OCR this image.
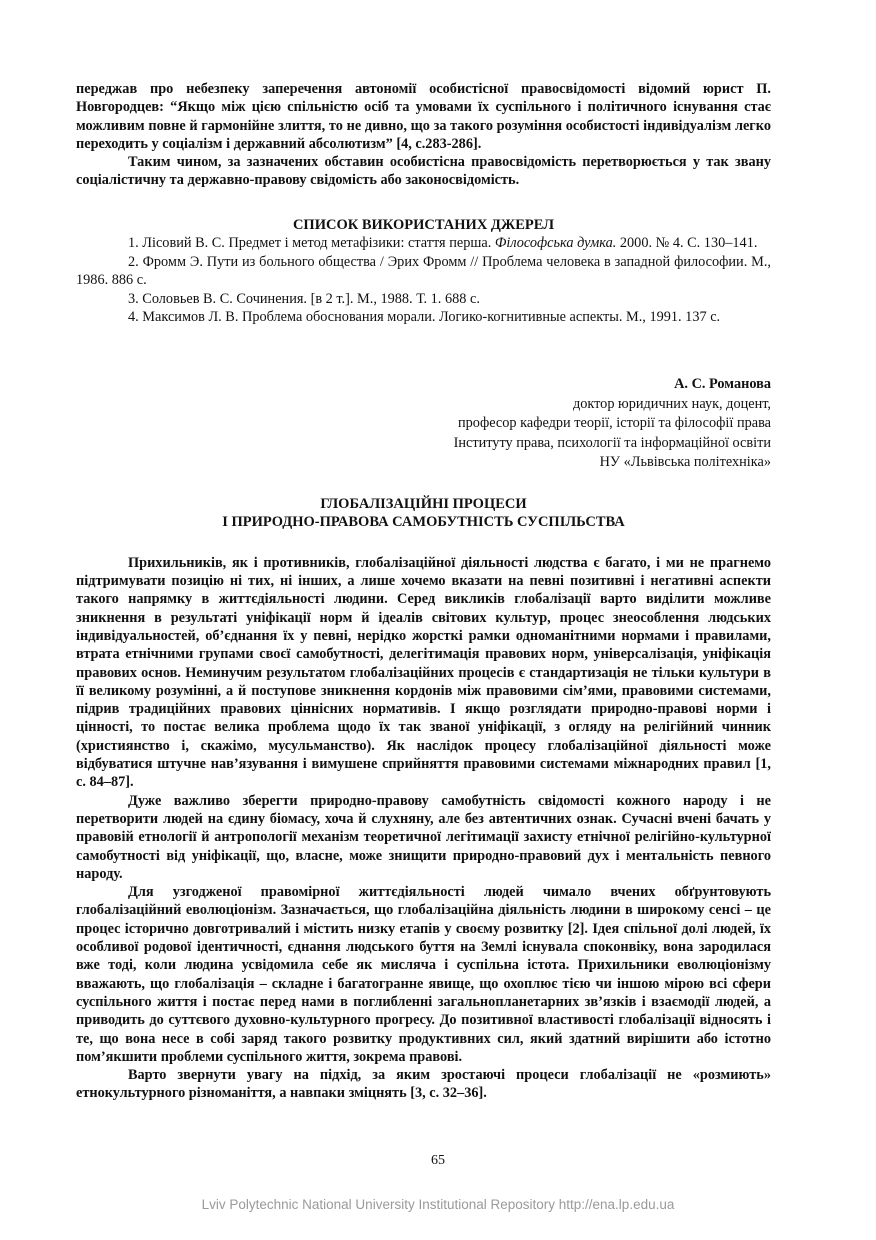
переджав про небезпеку заперечення автономії особистісної правосвідомості відомий юрист П. Новгородцев: “Якщо між цією спільністю осіб та умовами їх суспільного і політичного існування стає можливим повне й гармонійне злиття, то не дивно, що за такого розуміння особистості індивідуалізм легко переходить у соціалізм і державний абсолютизм” [4, с.283-286].

Таким чином, за зазначених обставин особистісна правосвідомість перетворюється у так звану соціалістичну та державно-правову свідомість або законосвідомість.

СПИСОК ВИКОРИСТАНИХ ДЖЕРЕЛ

1. Лісовий В. С. Предмет і метод метафізики: стаття перша. Філософська думка. 2000. № 4. С. 130–141.

2. Фромм Э. Пути из больного общества / Эрих Фромм // Проблема человека в западной философии. М., 1986. 886 с.

3. Соловьев В. С. Сочинения. [в 2 т.]. М., 1988. Т. 1. 688 с.

4. Максимов Л. В. Проблема обоснования морали. Логико-когнитивные аспекты. М., 1991. 137 с.

А. С. Романова
доктор юридичних наук, доцент,
професор кафедри теорії, історії та філософії права
Інституту права, психології та інформаційної освіти
НУ «Львівська політехніка»
ГЛОБАЛІЗАЦІЙНІ ПРОЦЕСИ
І ПРИРОДНО-ПРАВОВА САМОБУТНІСТЬ СУСПІЛЬСТВА

Прихильників, як і противників, глобалізаційної діяльності людства є багато, і ми не прагнемо підтримувати позицію ні тих, ні інших, а лише хочемо вказати на певні позитивні і негативні аспекти такого напрямку в життєдіяльності людини. Серед викликів глобалізації варто виділити можливе зникнення в результаті уніфікації норм й ідеалів світових культур, процес знеособлення людських індивідуальностей, об’єднання їх у певні, нерідко жорсткі рамки одноманітними нормами і правилами, втрата етнічними групами своєї самобутності, делегітимація правових норм, універсалізація, уніфікація правових основ. Неминучим результатом глобалізаційних процесів є стандартизація не тільки культури в її великому розумінні, а й поступове зникнення кордонів між правовими сім’ями, правовими системами, підрив традиційних правових ціннісних нормативів. І якщо розглядати природно-правові норми і цінності, то постає велика проблема щодо їх так званої уніфікації, з огляду на релігійний чинник (християнство і, скажімо, мусульманство). Як наслідок процесу глобалізаційної діяльності може відбуватися штучне нав’язування і вимушене сприйняття правовими системами міжнародних правил [1, с. 84–87].

Дуже важливо зберегти природно-правову самобутність свідомості кожного народу і не перетворити людей на єдину біомасу, хоча й слухняну, але без автентичних ознак. Сучасні вчені бачать у правовій етнології й антропології механізм теоретичної легітимації захисту етнічної релігійно-культурної самобутності від уніфікації, що, власне, може знищити природно-правовий дух і ментальність певного народу.

Для узгодженої правомірної життєдіяльності людей чимало вчених обґрунтовують глобалізаційний еволюціонізм. Зазначається, що глобалізаційна діяльність людини в широкому сенсі – це процес історично довготривалий і містить низку етапів у своєму розвитку [2]. Ідея спільної долі людей, їх особливої родової ідентичності, єднання людського буття на Землі існувала споконвіку, вона зародилася вже тоді, коли людина усвідомила себе як мисляча і суспільна істота. Прихильники еволюціонізму вважають, що глобалізація – складне і багатогранне явище, що охоплює тією чи іншою мірою всі сфери суспільного життя і постає перед нами в поглибленні загальнопланетарних зв’язків і взаємодії людей, а приводить до суттєвого духовно-культурного прогресу. До позитивної властивості глобалізації відносять і те, що вона несе в собі заряд такого розвитку продуктивних сил, який здатний вирішити або істотно пом’якшити проблеми суспільного життя, зокрема правові.

Варто звернути увагу на підхід, за яким зростаючі процеси глобалізації не «розмиють» етнокультурного різноманіття, а навпаки зміцнять [3, с. 32–36].

65
Lviv Polytechnic National University Institutional Repository http://ena.lp.edu.ua
